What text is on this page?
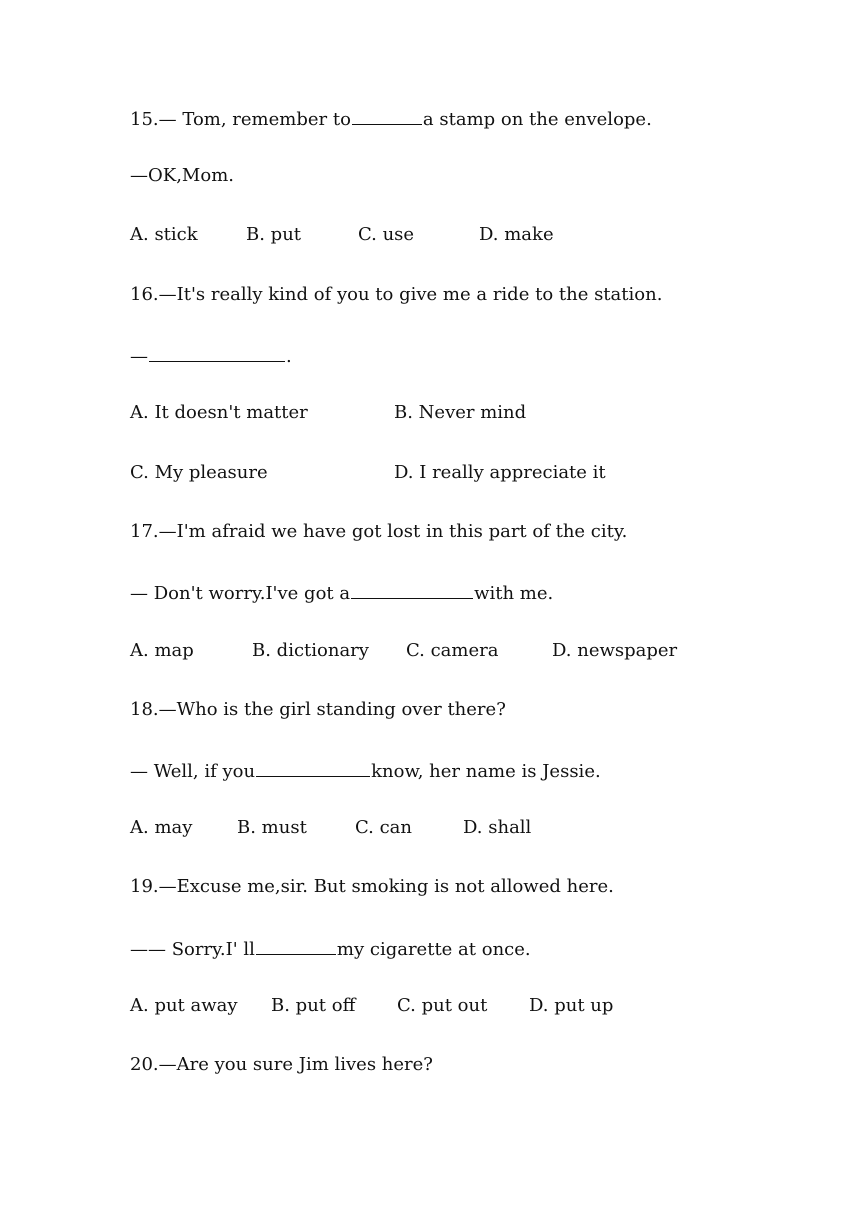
15.— Tom, remember to	a stamp on the envelope.
—OK,Mom.
A. stick	B. put	C. use	D. make
16.—It's really kind of you to give me a ride to the station.
—	.
A. It doesn't matter	B. Never mind
C. My pleasure	D. I really appreciate it
17.—I'm afraid we have got lost in this part of the city.
— Don't worry.I've got a	with me.
A. map	B. dictionary C. camera	D. newspaper
18.—Who is the girl standing over there?
— Well, if you	know, her name is Jessie.
A. may B. must	C. can	D. shall
19.—Excuse me,sir. But smoking is not allowed here.
—— Sorry.I' ll	my cigarette at once.
A. put away B. put off C. put out D. put up
20.—Are you sure Jim lives here?
